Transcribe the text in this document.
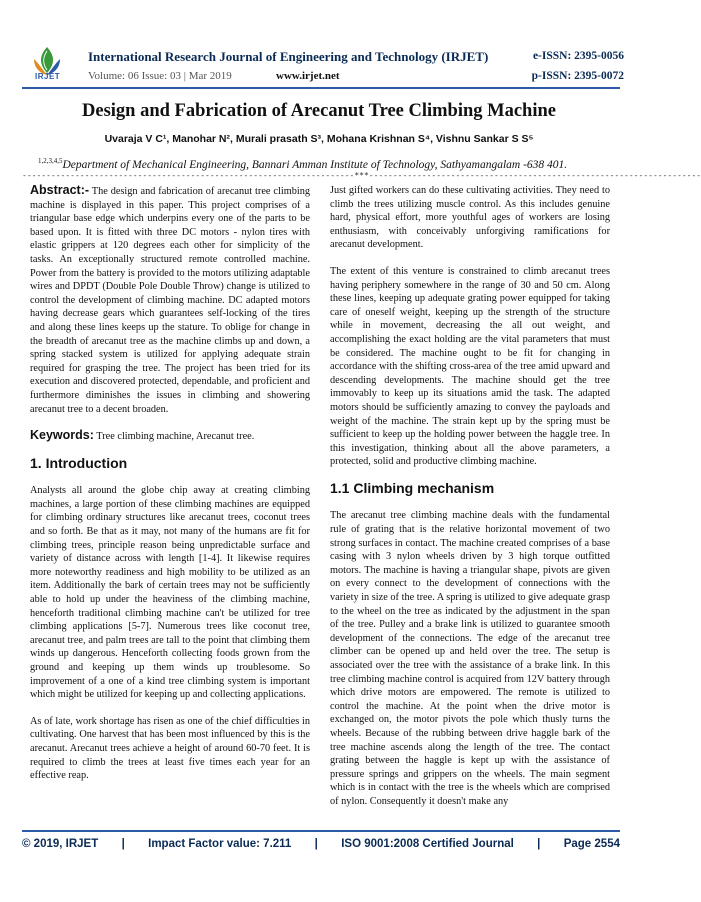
IRJET
International Research Journal of Engineering and Technology (IRJET)	e-ISSN: 2395-0056
Volume: 06 Issue: 03 | Mar 2019	www.irjet.net	p-ISSN: 2395-0072
Design and Fabrication of Arecanut Tree Climbing Machine
Uvaraja V C¹, Manohar N², Murali prasath S³, Mohana Krishnan S⁴, Vishnu Sankar S S⁵
$^{1,2,3,4,5}$Department of Mechanical Engineering, Bannari Amman Institute of Technology, Sathyamangalam -638 401.
---------------------------------------------------------------------***---------------------------------------------------------------------

Abstract:- The design and fabrication of arecanut tree climbing machine is displayed in this paper. This project comprises of a triangular base edge which underpins every one of the parts to be based upon. It is fitted with three DC motors - nylon tires with elastic grippers at 120 degrees each other for simplicity of the tasks. An exceptionally structured remote controlled machine. Power from the battery is provided to the motors utilizing adaptable wires and DPDT (Double Pole Double Throw) change is utilized to control the development of climbing machine. DC adapted motors having decrease gears which guarantees self-locking of the tires and along these lines keeps up the stature. To oblige for change in the breadth of arecanut tree as the machine climbs up and down, a spring stacked system is utilized for applying adequate strain required for grasping the tree. The project has been tried for its execution and discovered protected, dependable, and proficient and furthermore diminishes the issues in climbing and showering arecanut tree to a decent broaden.

Keywords: Tree climbing machine, Arecanut tree.

1. Introduction

Analysts all around the globe chip away at creating climbing machines, a large portion of these climbing machines are equipped for climbing ordinary structures like arecanut trees, coconut trees and so forth. Be that as it may, not many of the humans are fit for climbing trees, principle reason being unpredictable surface and variety of distance across with length [1-4]. It likewise requires more noteworthy readiness and high mobility to be utilized as an item. Additionally the bark of certain trees may not be sufficiently able to hold up under the heaviness of the climbing machine, henceforth traditional climbing machine can't be utilized for tree climbing applications [5-7]. Numerous trees like coconut tree, arecanut tree, and palm trees are tall to the point that climbing them winds up dangerous. Henceforth collecting foods grown from the ground and keeping up them winds up troublesome. So improvement of a one of a kind tree climbing system is important which might be utilized for keeping up and collecting applications.

As of late, work shortage has risen as one of the chief difficulties in cultivating. One harvest that has been most influenced by this is the arecanut. Arecanut trees achieve a height of around 60-70 feet. It is required to climb the trees at least five times each year for an effective reap.

Just gifted workers can do these cultivating activities. They need to climb the trees utilizing muscle control. As this includes genuine hard, physical effort, more youthful ages of workers are losing enthusiasm, with conceivably unforgiving ramifications for arecanut development.

The extent of this venture is constrained to climb arecanut trees having periphery somewhere in the range of 30 and 50 cm. Along these lines, keeping up adequate grating power equipped for taking care of oneself weight, keeping up the strength of the structure while in movement, decreasing the all out weight, and accomplishing the exact holding are the vital parameters that must be considered. The machine ought to be fit for changing in accordance with the shifting cross-area of the tree amid upward and descending developments. The machine should get the tree immovably to keep up its situations amid the task. The adapted motors should be sufficiently amazing to convey the payloads and weight of the machine. The strain kept up by the spring must be sufficient to keep up the holding power between the haggle tree. In this investigation, thinking about all the above parameters, a protected, solid and productive climbing machine.

1.1 Climbing mechanism

The arecanut tree climbing machine deals with the fundamental rule of grating that is the relative horizontal movement of two strong surfaces in contact. The machine created comprises of a base casing with 3 nylon wheels driven by 3 high torque outfitted motors. The machine is having a triangular shape, pivots are given on every connect to the development of connections with the variety in size of the tree. A spring is utilized to give adequate grasp to the wheel on the tree as indicated by the adjustment in the span of the tree. Pulley and a brake link is utilized to guarantee smooth development of the connections. The edge of the arecanut tree climber can be opened up and held over the tree. The setup is associated over the tree with the assistance of a brake link. In this tree climbing machine control is acquired from 12V battery through which drive motors are empowered. The remote is utilized to control the machine. At the point when the drive motor is exchanged on, the motor pivots the pole which thusly turns the wheels. Because of the rubbing between drive haggle bark of the tree machine ascends along the length of the tree. The contact grating between the haggle is kept up with the assistance of pressure springs and grippers on the wheels. The main segment which is in contact with the tree is the wheels which are comprised of nylon. Consequently it doesn't make any

© 2019, IRJET | Impact Factor value: 7.211 | ISO 9001:2008 Certified Journal | Page 2554
